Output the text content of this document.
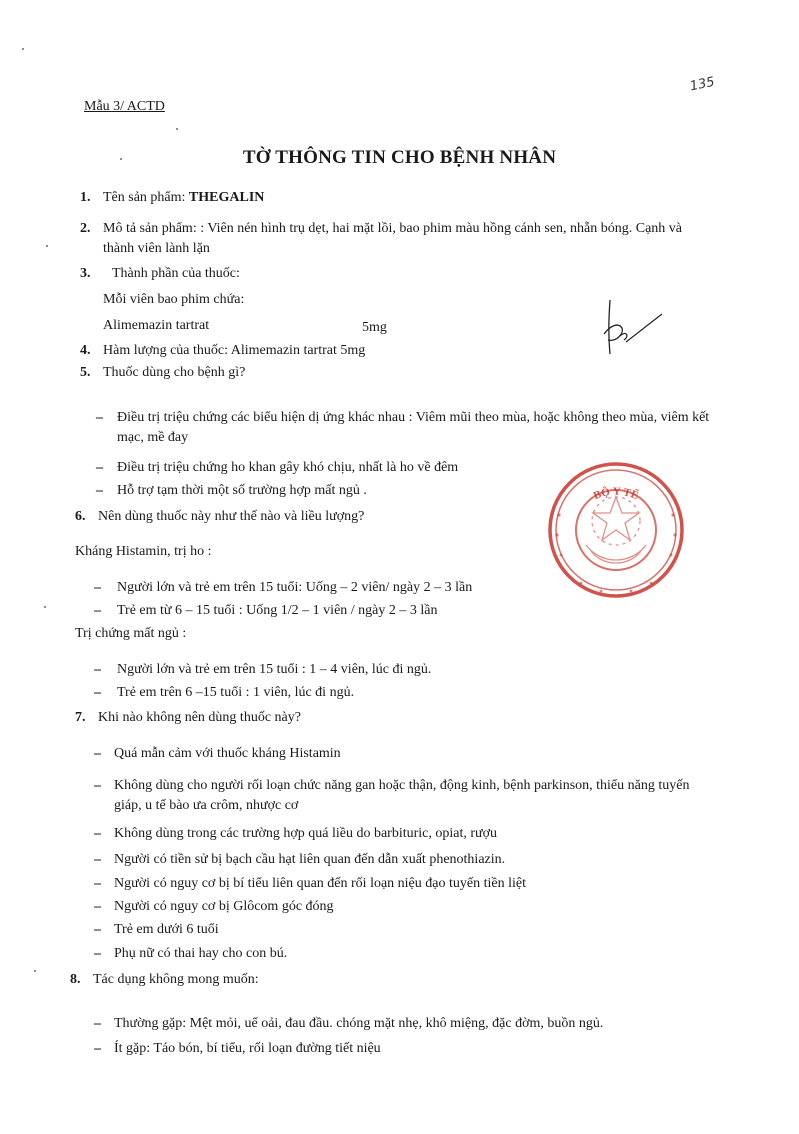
Mẫu 3/ ACTD
135
TỜ THÔNG TIN CHO BỆNH NHÂN
1. Tên sản phẩm: THEGALIN
2. Mô tả sản phẩm: : Viên nén hình trụ dẹt, hai mặt lồi, bao phim màu hồng cánh sen, nhẵn bóng. Cạnh và
thành viên lành lặn
3. Thành phần của thuốc:
Mỗi viên bao phim chứa:
Alimemazin tartrat	5mg
4. Hàm lượng của thuốc: Alimemazin tartrat 5mg
5. Thuốc dùng cho bệnh gì?
– Điều trị triệu chứng các biểu hiện dị ứng khác nhau : Viêm mũi theo mùa, hoặc không theo mùa, viêm kết
mạc, mề đay
– Điều trị triệu chứng ho khan gây khó chịu, nhất là ho về đêm
– Hỗ trợ tạm thời một số trường hợp mất ngủ .
6. Nên dùng thuốc này như thế nào và liều lượng?
Kháng Histamin, trị ho :
– Người lớn và trẻ em trên 15 tuổi: Uống – 2 viên/ ngày 2 – 3 lần
– Trẻ em từ 6 – 15 tuổi : Uống 1/2 – 1 viên / ngày 2 – 3 lần
Trị chứng mất ngủ :
– Người lớn và trẻ em trên 15 tuổi : 1 – 4 viên, lúc đi ngủ.
– Trẻ em trên 6 –15 tuổi : 1 viên, lúc đi ngủ.
7. Khi nào không nên dùng thuốc này?
– Quá mẫn cảm với thuốc kháng Histamin
– Không dùng cho người rối loạn chức năng gan hoặc thận, động kinh, bệnh parkinson, thiểu năng tuyến
giáp, u tế bào ưa crôm, nhược cơ
– Không dùng trong các trường hợp quá liều do barbituric, opiat, rượu
– Người có tiền sử bị bạch cầu hạt liên quan đến dẫn xuất phenothiazin.
– Người có nguy cơ bị bí tiểu liên quan đến rối loạn niệu đạo tuyến tiền liệt
– Người có nguy cơ bị Glôcom góc đóng
– Trẻ em dưới 6 tuổi
– Phụ nữ có thai hay cho con bú.
8. Tác dụng không mong muốn:
– Thường gặp: Mệt mỏi, uể oải, đau đầu. chóng mặt nhẹ, khô miệng, đặc đờm, buồn ngủ.
– Ít gặp: Táo bón, bí tiểu, rối loạn đường tiết niệu
BỘ Y TẾ
